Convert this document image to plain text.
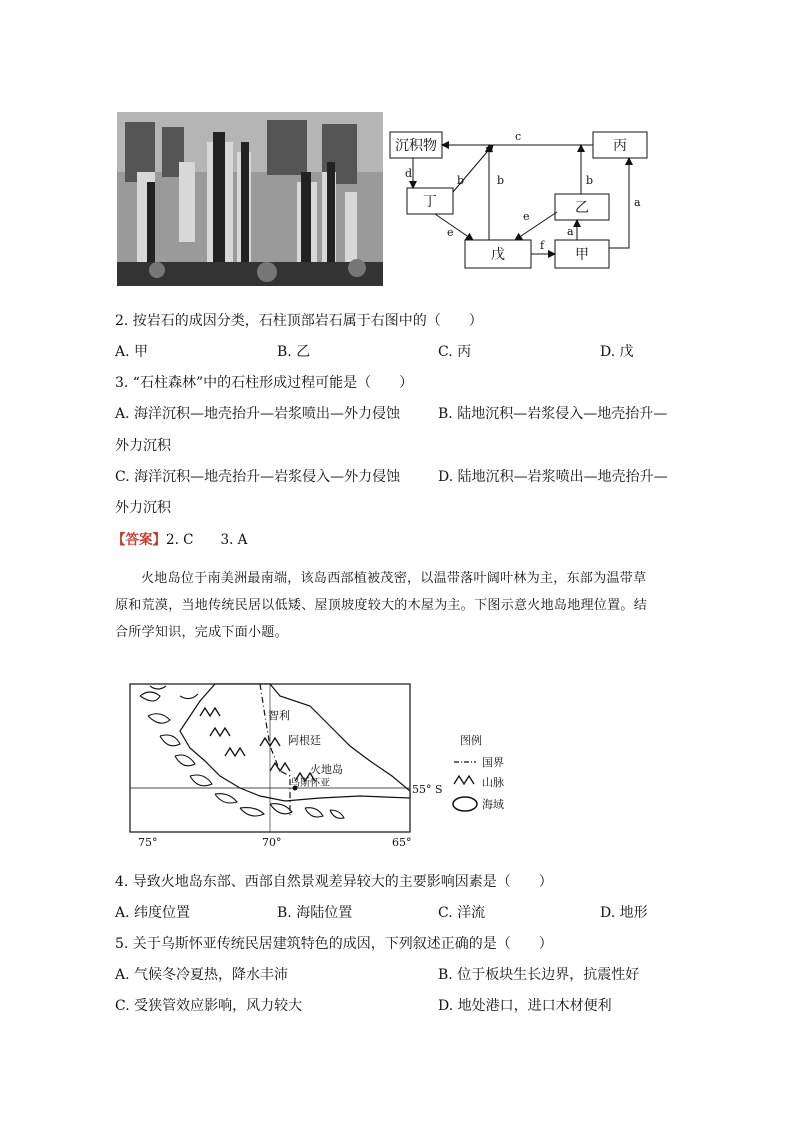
沉积物
丁
丙
乙
戊	甲
c
d
b	b	b
e
e
f
a
a
2. 按岩石的成因分类，石柱顶部岩石属于右图中的（　　）
A. 甲	B. 乙	C. 丙	D. 戊
3. “石柱森林”中的石柱形成过程可能是（　　）
A. 海洋沉积—地壳抬升—岩浆喷出—外力侵蚀	B. 陆地沉积—岩浆侵入—地壳抬升—
外力沉积
C. 海洋沉积—地壳抬升—岩浆侵入—外力侵蚀	D. 陆地沉积—岩浆喷出—地壳抬升—
外力沉积
【答案】2. C　　3. A
火地岛位于南美洲最南端，该岛西部植被茂密，以温带落叶阔叶林为主，东部为温带草
原和荒漠，当地传统民居以低矮、屋顶坡度较大的木屋为主。下图示意火地岛地理位置。结
合所学知识，完成下面小题。
智利
阿根廷
火地岛
乌斯怀亚	55° S
75°	70°	65°
图例
国界
山脉
海域
4. 导致火地岛东部、西部自然景观差异较大的主要影响因素是（　　）
A. 纬度位置	B. 海陆位置	C. 洋流	D. 地形
5. 关于乌斯怀亚传统民居建筑特色的成因，下列叙述正确的是（　　）
A. 气候冬冷夏热，降水丰沛	B. 位于板块生长边界，抗震性好
C. 受狭管效应影响，风力较大	D. 地处港口，进口木材便利
